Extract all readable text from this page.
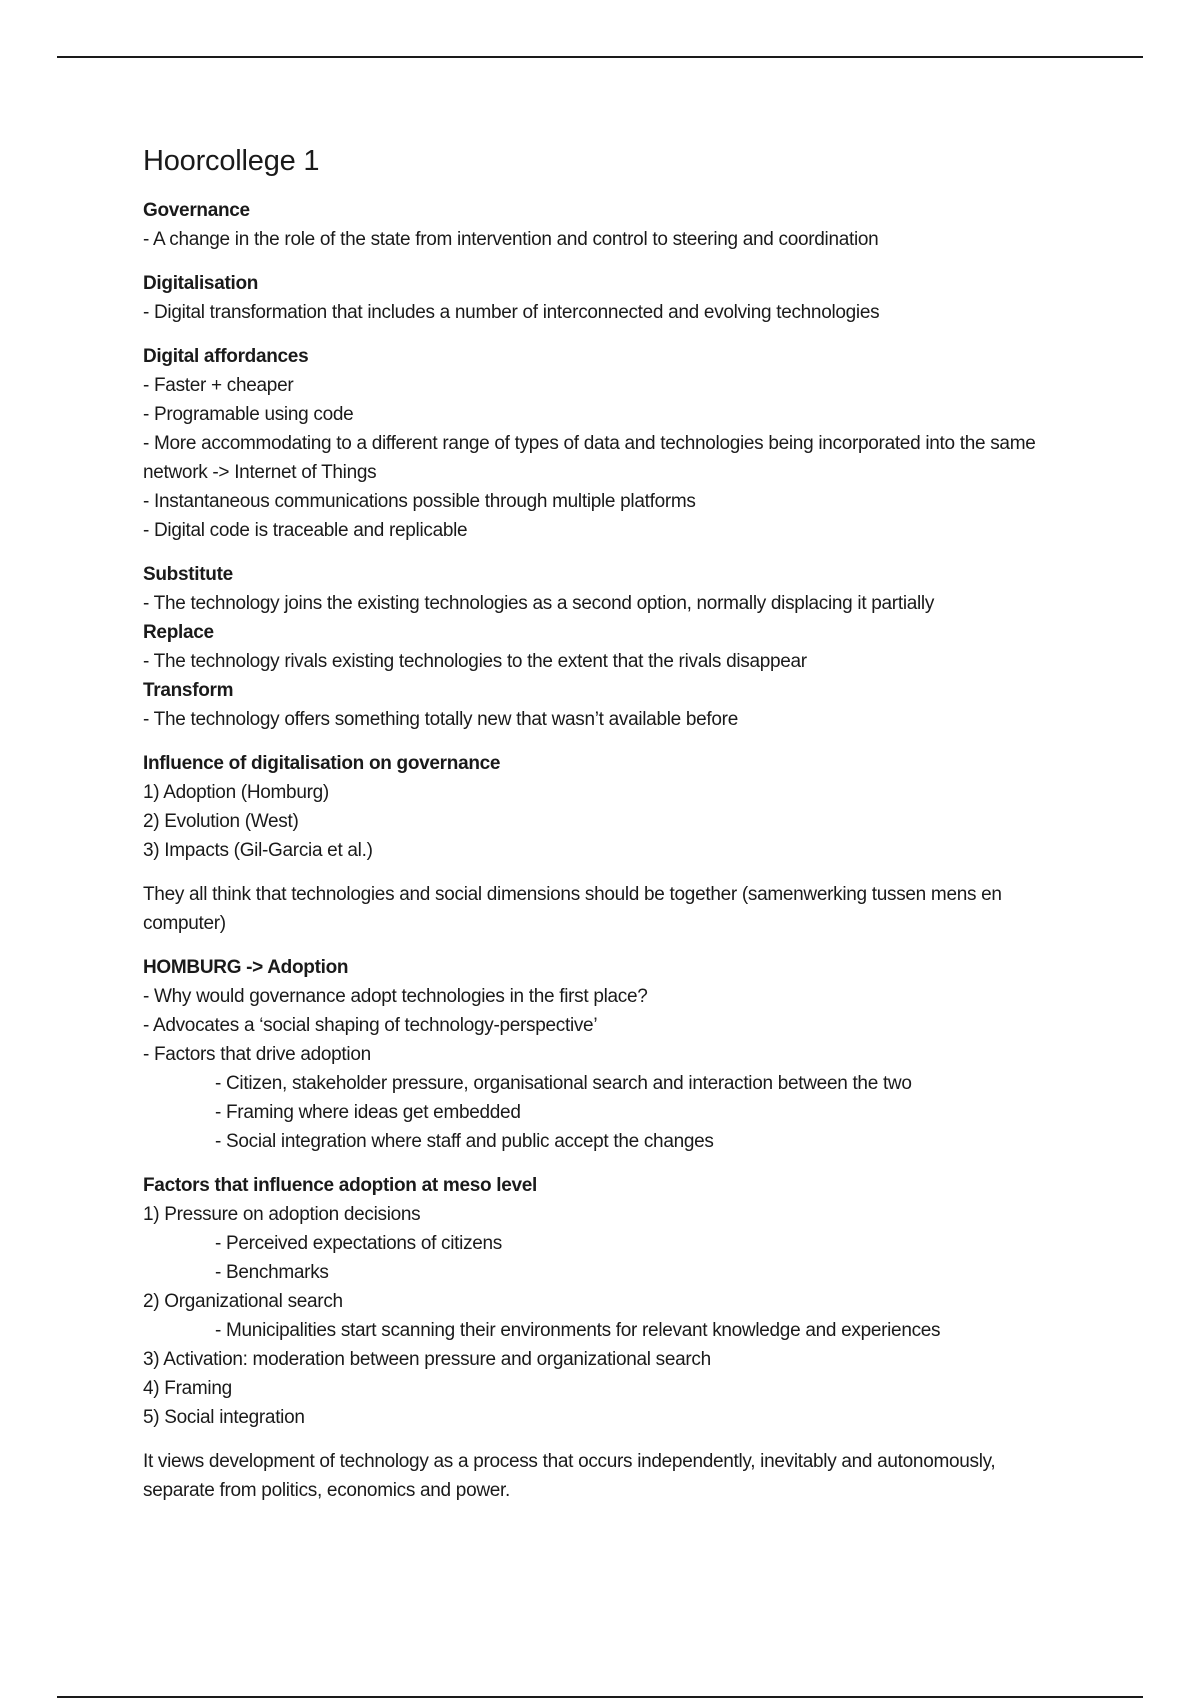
Hoorcollege 1
Governance
- A change in the role of the state from intervention and control to steering and coordination
Digitalisation
- Digital transformation that includes a number of interconnected and evolving technologies
Digital affordances
- Faster + cheaper
- Programable using code
- More accommodating to a different range of types of data and technologies being incorporated into the same network -> Internet of Things
- Instantaneous communications possible through multiple platforms
- Digital code is traceable and replicable
Substitute
- The technology joins the existing technologies as a second option, normally displacing it partially
Replace
- The technology rivals existing technologies to the extent that the rivals disappear
Transform
- The technology offers something totally new that wasn’t available before
Influence of digitalisation on governance
1) Adoption (Homburg)
2) Evolution (West)
3) Impacts (Gil-Garcia et al.)
They all think that technologies and social dimensions should be together (samenwerking tussen mens en computer)
HOMBURG -> Adoption
- Why would governance adopt technologies in the first place?
- Advocates a ‘social shaping of technology-perspective’
- Factors that drive adoption
- Citizen, stakeholder pressure, organisational search and interaction between the two
- Framing where ideas get embedded
- Social integration where staff and public accept the changes
Factors that influence adoption at meso level
1) Pressure on adoption decisions
- Perceived expectations of citizens
- Benchmarks
2) Organizational search
- Municipalities start scanning their environments for relevant knowledge and experiences
3) Activation: moderation between pressure and organizational search
4) Framing
5) Social integration
It views development of technology as a process that occurs independently, inevitably and autonomously, separate from politics, economics and power.
